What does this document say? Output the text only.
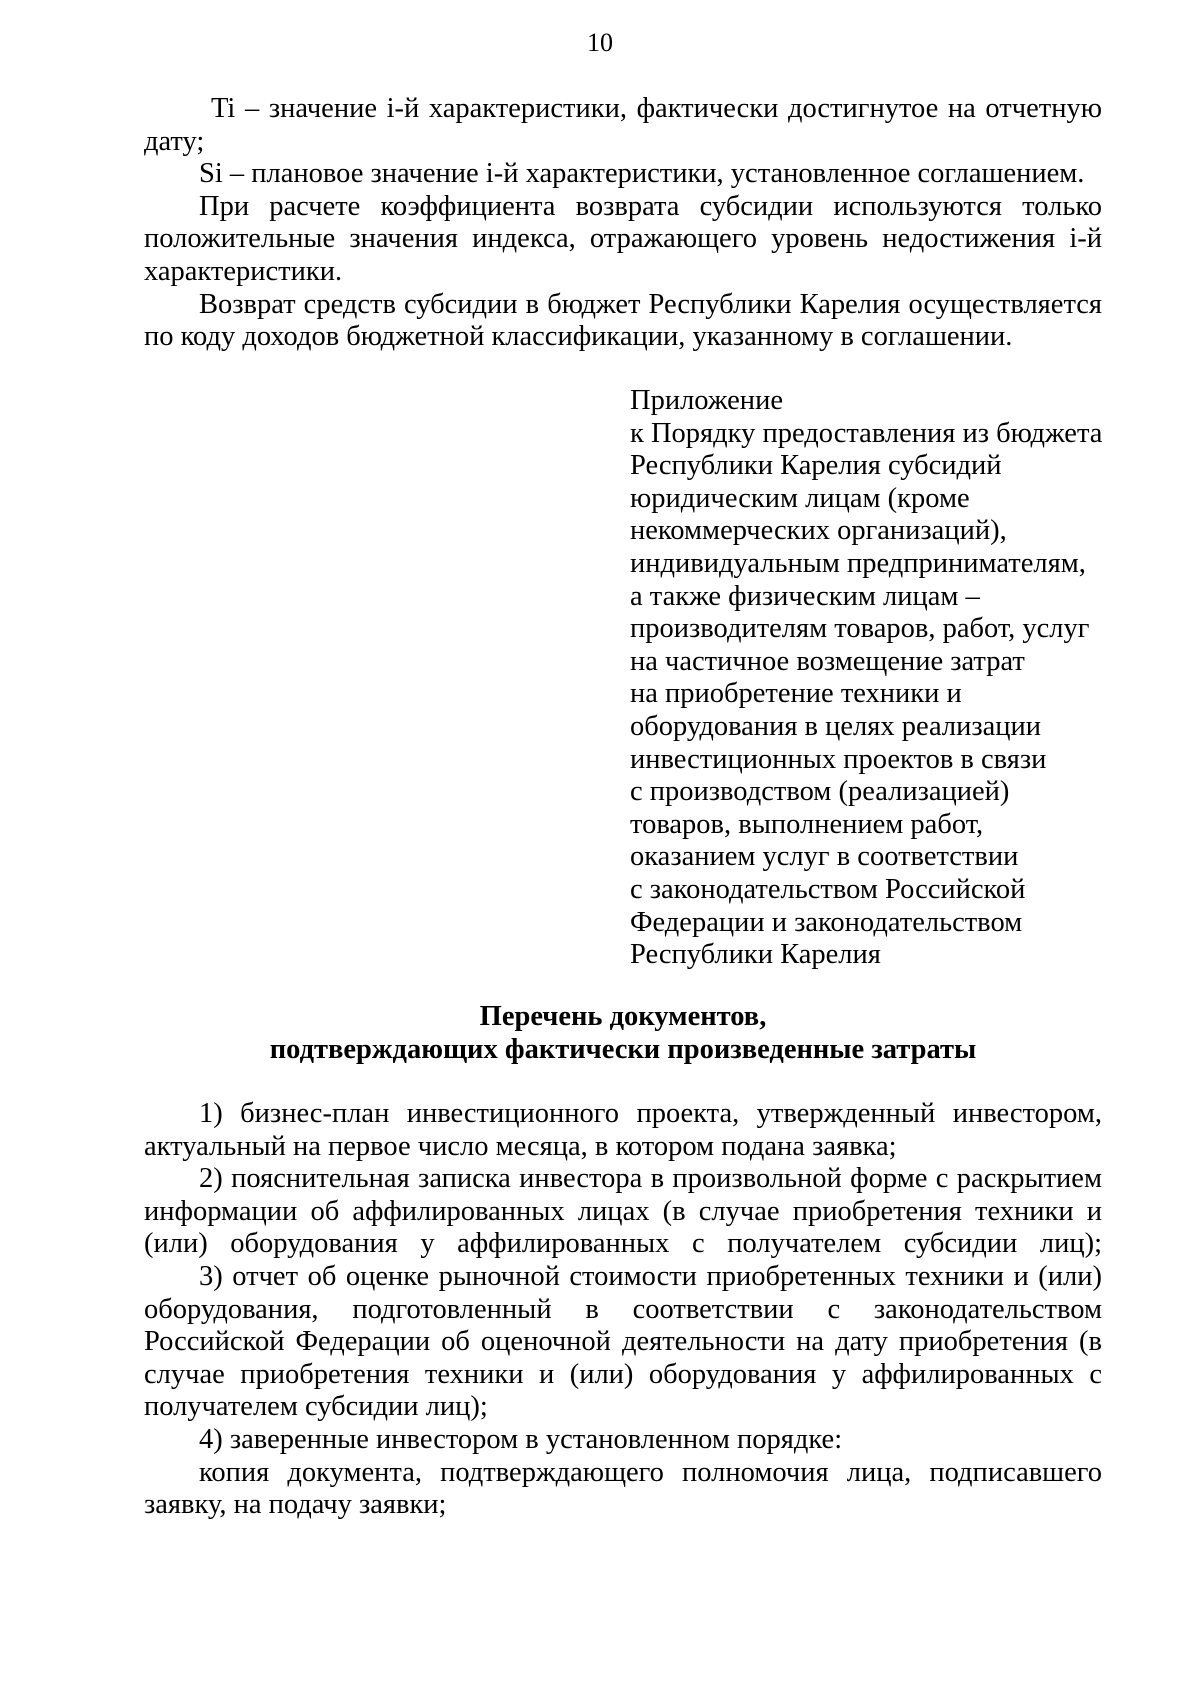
10

Ti – значение i-й характеристики, фактически достигнутое на отчетную дату;

Si – плановое значение i-й характеристики, установленное соглашением.

При расчете коэффициента возврата субсидии используются только положительные значения индекса, отражающего уровень недостижения i-й характеристики.

Возврат средств субсидии в бюджет Республики Карелия осуществляется по коду доходов бюджетной классификации, указанному в соглашении.

Приложение
к Порядку предоставления из бюджета
Республики Карелия субсидий
юридическим лицам (кроме
некоммерческих организаций),
индивидуальным предпринимателям,
а также физическим лицам –
производителям товаров, работ, услуг
на частичное возмещение затрат
на приобретение техники и
оборудования в целях реализации
инвестиционных проектов в связи
с производством (реализацией)
товаров, выполнением работ,
оказанием услуг в соответствии
с законодательством Российской
Федерации и законодательством
Республики Карелия
Перечень документов,
подтверждающих фактически произведенные затраты

1) бизнес-план инвестиционного проекта, утвержденный инвестором, актуальный на первое число месяца, в котором подана заявка;

2) пояснительная записка инвестора в произвольной форме с раскрытием информации об аффилированных лицах (в случае приобретения техники и (или) оборудования у аффилированных с получателем субсидии лиц);

3) отчет об оценке рыночной стоимости приобретенных техники и (или) оборудования, подготовленный в соответствии с законодательством Российской Федерации об оценочной деятельности на дату приобретения (в случае приобретения техники и (или) оборудования у аффилированных с получателем субсидии лиц);

4) заверенные инвестором в установленном порядке:

копия документа, подтверждающего полномочия лица, подписавшего заявку, на подачу заявки;
